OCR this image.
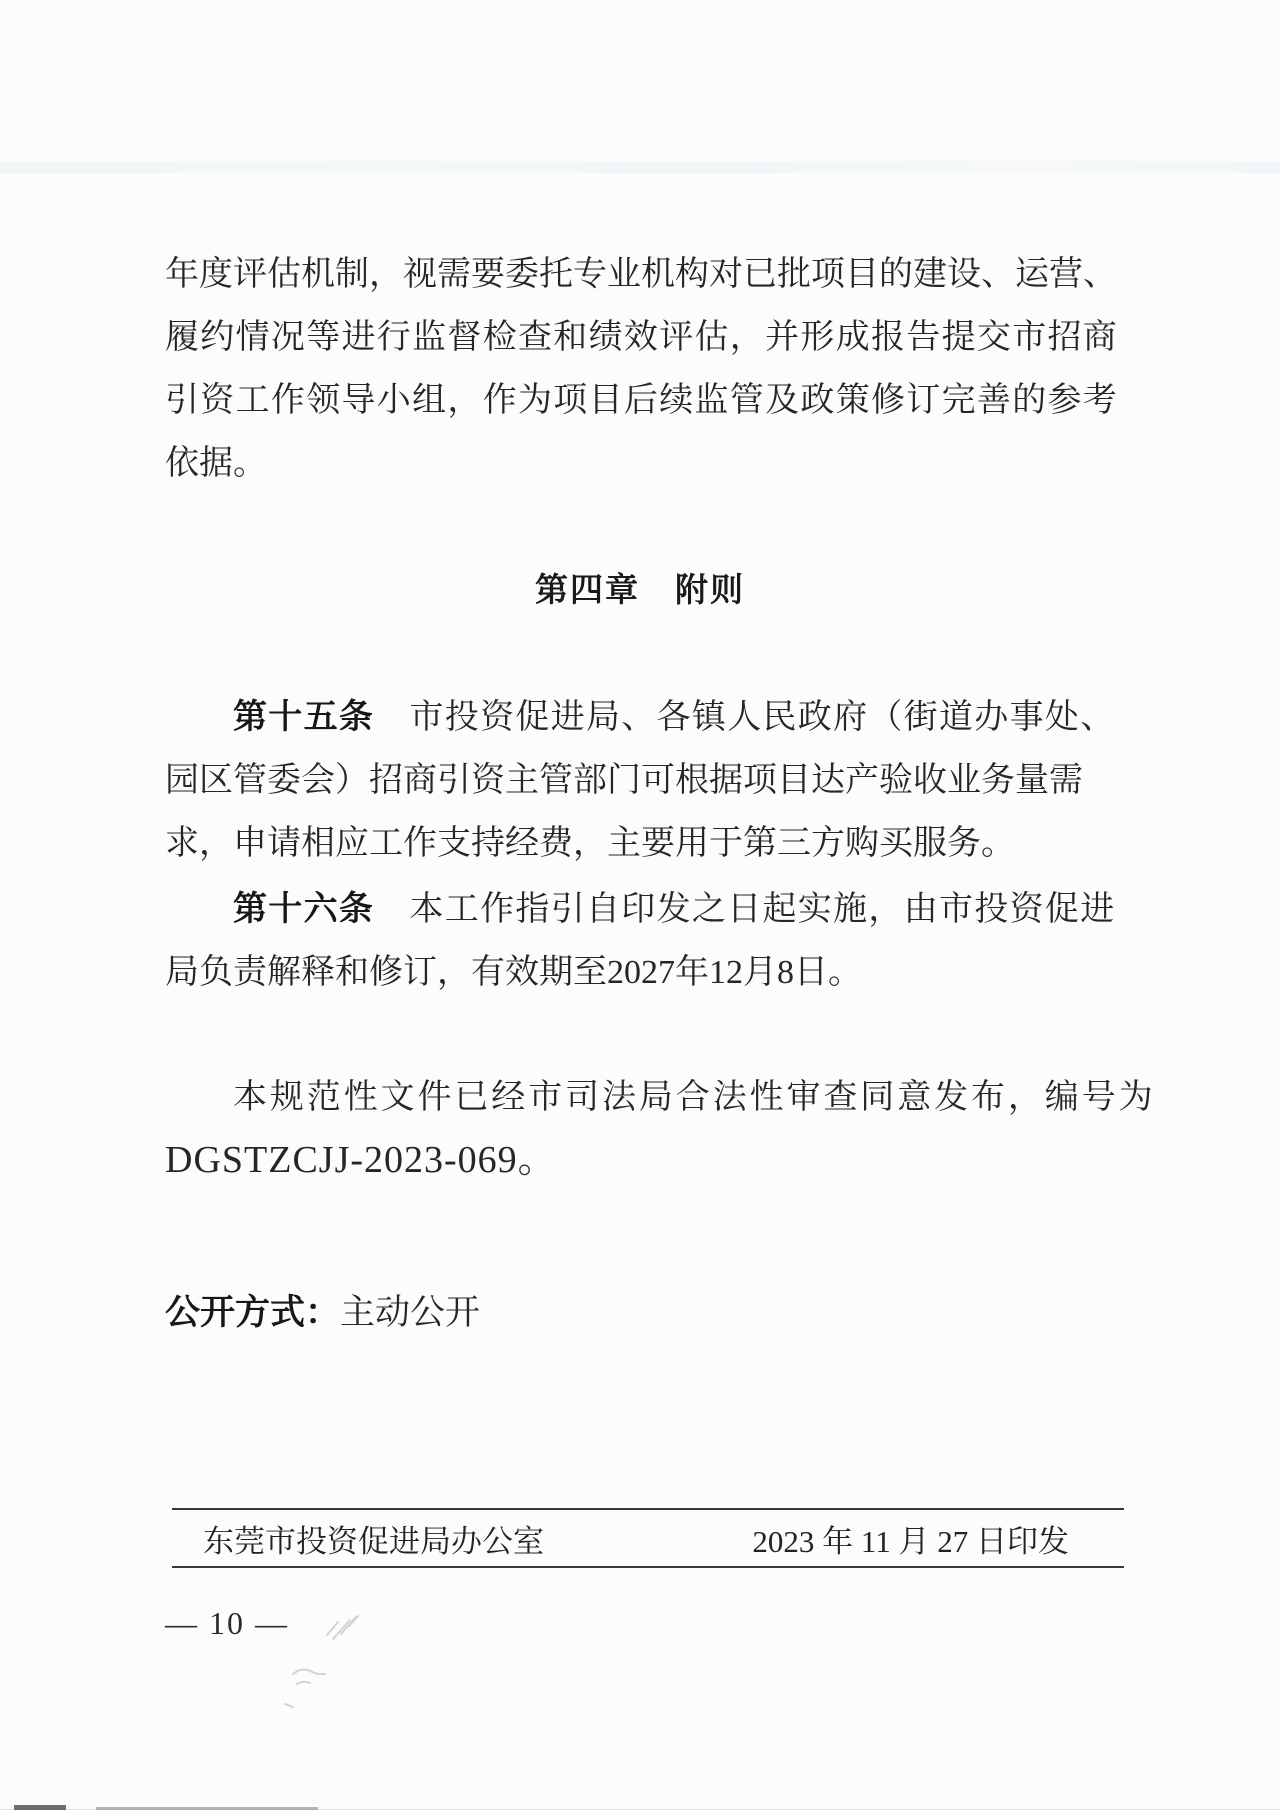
年度评估机制，视需要委托专业机构对已批项目的建设、运营、
履约情况等进行监督检查和绩效评估，并形成报告提交市招商
引资工作领导小组，作为项目后续监管及政策修订完善的参考
依据。
第四章　附则
第十五条　市投资促进局、各镇人民政府（街道办事处、
园区管委会）招商引资主管部门可根据项目达产验收业务量需
求，申请相应工作支持经费，主要用于第三方购买服务。
第十六条　本工作指引自印发之日起实施，由市投资促进
局负责解释和修订，有效期至2027年12月8日。
本规范性文件已经市司法局合法性审查同意发布，编号为
DGSTZCJJ-2023-069。
公开方式：主动公开
东莞市投资促进局办公室	2023 年 11 月 27 日印发
— 10 —
